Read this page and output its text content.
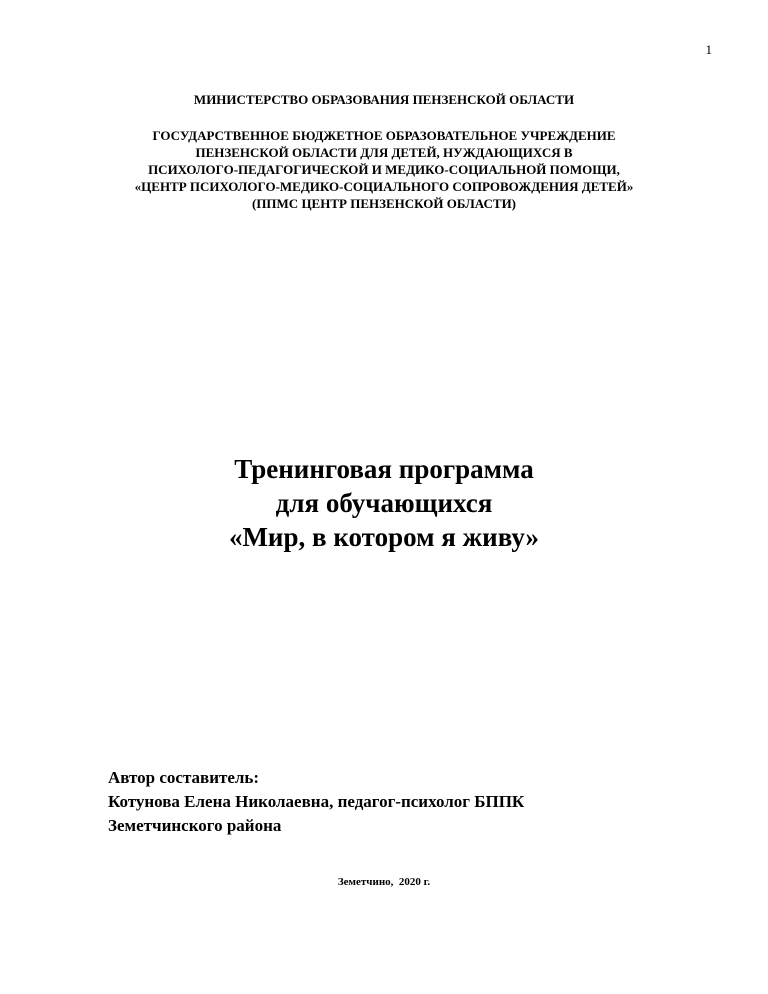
1
МИНИСТЕРСТВО ОБРАЗОВАНИЯ ПЕНЗЕНСКОЙ ОБЛАСТИ
ГОСУДАРСТВЕННОЕ БЮДЖЕТНОЕ ОБРАЗОВАТЕЛЬНОЕ УЧРЕЖДЕНИЕ
ПЕНЗЕНСКОЙ ОБЛАСТИ ДЛЯ ДЕТЕЙ, НУЖДАЮЩИХСЯ В
ПСИХОЛОГО-ПЕДАГОГИЧЕСКОЙ И МЕДИКО-СОЦИАЛЬНОЙ ПОМОЩИ,
«ЦЕНТР ПСИХОЛОГО-МЕДИКО-СОЦИАЛЬНОГО СОПРОВОЖДЕНИЯ ДЕТЕЙ»
(ППМС ЦЕНТР ПЕНЗЕНСКОЙ ОБЛАСТИ)
Тренинговая программа
для обучающихся
«Мир, в котором я живу»
Автор составитель:
Котунова Елена Николаевна, педагог-психолог БППК
Земетчинского района
Земетчино,  2020 г.
